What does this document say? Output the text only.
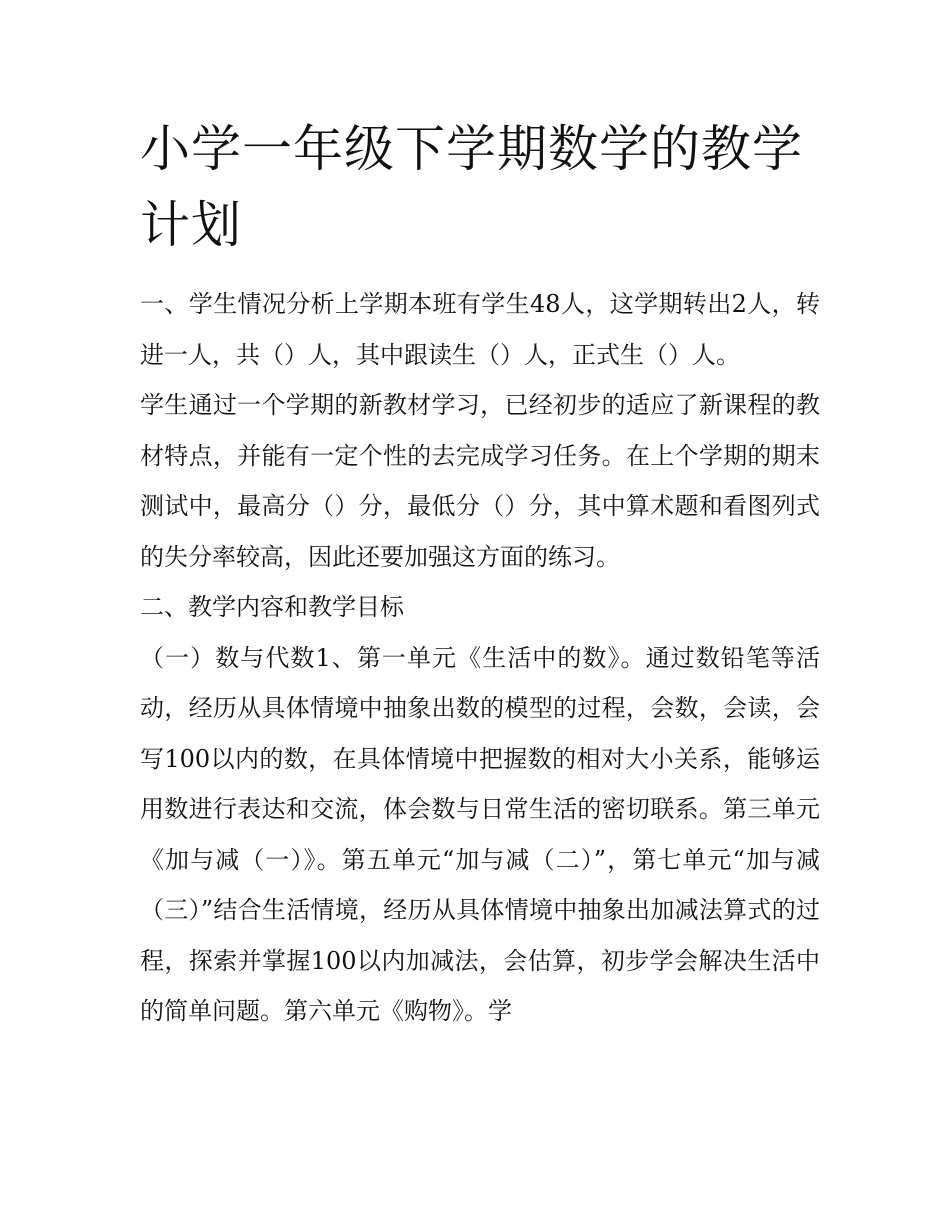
小学一年级下学期数学的教学计划

一、学生情况分析上学期本班有学生48人，这学期转出2人，转进一人，共（）人，其中跟读生（）人，正式生（）人。

学生通过一个学期的新教材学习，已经初步的适应了新课程的教材特点，并能有一定个性的去完成学习任务。在上个学期的期末测试中，最高分（）分，最低分（）分，其中算术题和看图列式的失分率较高，因此还要加强这方面的练习。

二、教学内容和教学目标

（一）数与代数1、第一单元《生活中的数》。通过数铅笔等活动，经历从具体情境中抽象出数的模型的过程，会数，会读，会写100以内的数，在具体情境中把握数的相对大小关系，能够运用数进行表达和交流，体会数与日常生活的密切联系。第三单元《加与减（一）》。第五单元“加与减（二）”，第七单元“加与减（三）”结合生活情境，经历从具体情境中抽象出加减法算式的过程，探索并掌握100以内加减法，会估算，初步学会解决生活中的简单问题。第六单元《购物》。学
